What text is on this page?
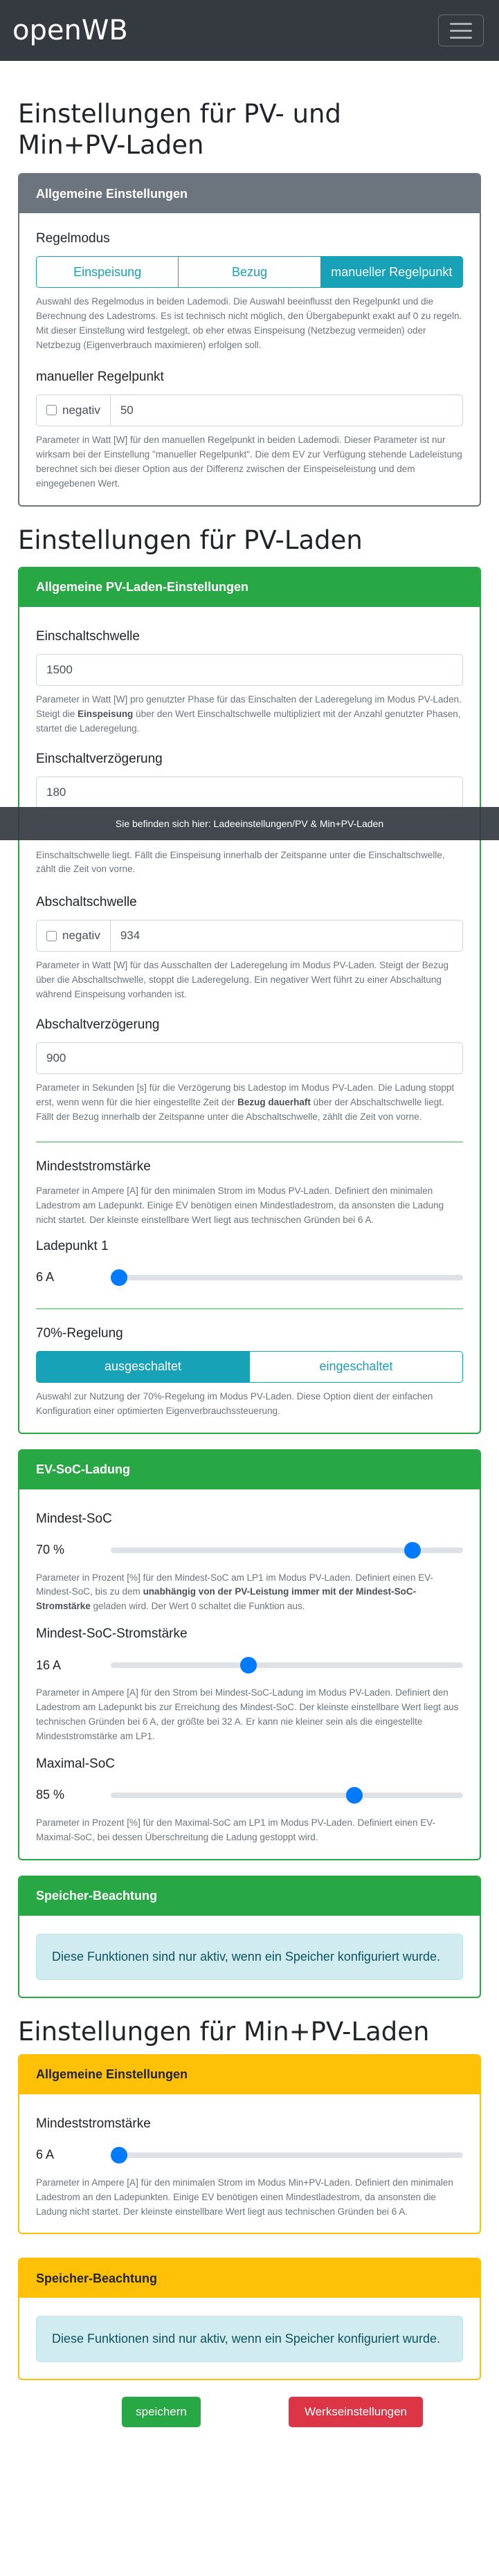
openWB
Sie befinden sich hier: Ladeeinstellungen/PV & Min+PV-Laden
Einstellungen für PV- und Min+PV-Laden
Allgemeine Einstellungen
Regelmodus
Einspeisung	Bezug	manueller Regelpunkt

Auswahl des Regelmodus in beiden Lademodi. Die Auswahl beeinflusst den Regelpunkt und die Berechnung des Ladestroms. Es ist technisch nicht möglich, den Übergabepunkt exakt auf 0 zu regeln. Mit dieser Einstellung wird festgelegt, ob eher etwas Einspeisung (Netzbezug vermeiden) oder Netzbezug (Eigenverbrauch maximieren) erfolgen soll.

manueller Regelpunkt
negativ	50

Parameter in Watt [W] für den manuellen Regelpunkt in beiden Lademodi. Dieser Parameter ist nur wirksam bei der Einstellung "manueller Regelpunkt". Die dem EV zur Verfügung stehende Ladeleistung berechnet sich bei dieser Option aus der Differenz zwischen der Einspeiseleistung und dem eingegebenen Wert.

Einstellungen für PV-Laden
Allgemeine PV-Laden-Einstellungen
Einschaltschwelle
1500

Parameter in Watt [W] pro genutzter Phase für das Einschalten der Laderegelung im Modus PV-Laden. Steigt die Einspeisung über den Wert Einschaltschwelle multipliziert mit der Anzahl genutzter Phasen, startet die Laderegelung.

Einschaltverzögerung
180

Einschaltschwelle liegt. Fällt die Einspeisung innerhalb der Zeitspanne unter die Einschaltschwelle, zählt die Zeit von vorne.

Abschaltschwelle
negativ	934

Parameter in Watt [W] für das Ausschalten der Laderegelung im Modus PV-Laden. Steigt der Bezug über die Abschaltschwelle, stoppt die Laderegelung. Ein negativer Wert führt zu einer Abschaltung während Einspeisung vorhanden ist.

Abschaltverzögerung
900

Parameter in Sekunden [s] für die Verzögerung bis Ladestop im Modus PV-Laden. Die Ladung stoppt erst, wenn wenn für die hier eingestellte Zeit der Bezug dauerhaft über der Abschaltschwelle liegt. Fällt der Bezug innerhalb der Zeitspanne unter die Abschaltschwelle, zählt die Zeit von vorne.

Mindeststromstärke

Parameter in Ampere [A] für den minimalen Strom im Modus PV-Laden. Definiert den minimalen Ladestrom am Ladepunkt. Einige EV benötigen einen Mindestladestrom, da ansonsten die Ladung nicht startet. Der kleinste einstellbare Wert liegt aus technischen Gründen bei 6 A.

Ladepunkt 1
6 A
70%-Regelung
ausgeschaltet	eingeschaltet

Auswahl zur Nutzung der 70%-Regelung im Modus PV-Laden. Diese Option dient der einfachen Konfiguration einer optimierten Eigenverbrauchssteuerung.

EV-SoC-Ladung
Mindest-SoC
70 %

Parameter in Prozent [%] für den Mindest-SoC am LP1 im Modus PV-Laden. Definiert einen EV-Mindest-SoC, bis zu dem unabhängig von der PV-Leistung immer mit der Mindest-SoC-Stromstärke geladen wird. Der Wert 0 schaltet die Funktion aus.

Mindest-SoC-Stromstärke
16 A

Parameter in Ampere [A] für den Strom bei Mindest-SoC-Ladung im Modus PV-Laden. Definiert den Ladestrom am Ladepunkt bis zur Erreichung des Mindest-SoC. Der kleinste einstellbare Wert liegt aus technischen Gründen bei 6 A, der größte bei 32 A. Er kann nie kleiner sein als die eingestellte Mindeststromstärke am LP1.

Maximal-SoC
85 %

Parameter in Prozent [%] für den Maximal-SoC am LP1 im Modus PV-Laden. Definiert einen EV-Maximal-SoC, bei dessen Überschreitung die Ladung gestoppt wird.

Speicher-Beachtung
Diese Funktionen sind nur aktiv, wenn ein Speicher konfiguriert wurde.
Einstellungen für Min+PV-Laden
Allgemeine Einstellungen
Mindeststromstärke
6 A

Parameter in Ampere [A] für den minimalen Strom im Modus Min+PV-Laden. Definiert den minimalen Ladestrom an den Ladepunkten. Einige EV benötigen einen Mindestladestrom, da ansonsten die Ladung nicht startet. Der kleinste einstellbare Wert liegt aus technischen Gründen bei 6 A.

Speicher-Beachtung
Diese Funktionen sind nur aktiv, wenn ein Speicher konfiguriert wurde.
speichern	Werkseinstellungen
